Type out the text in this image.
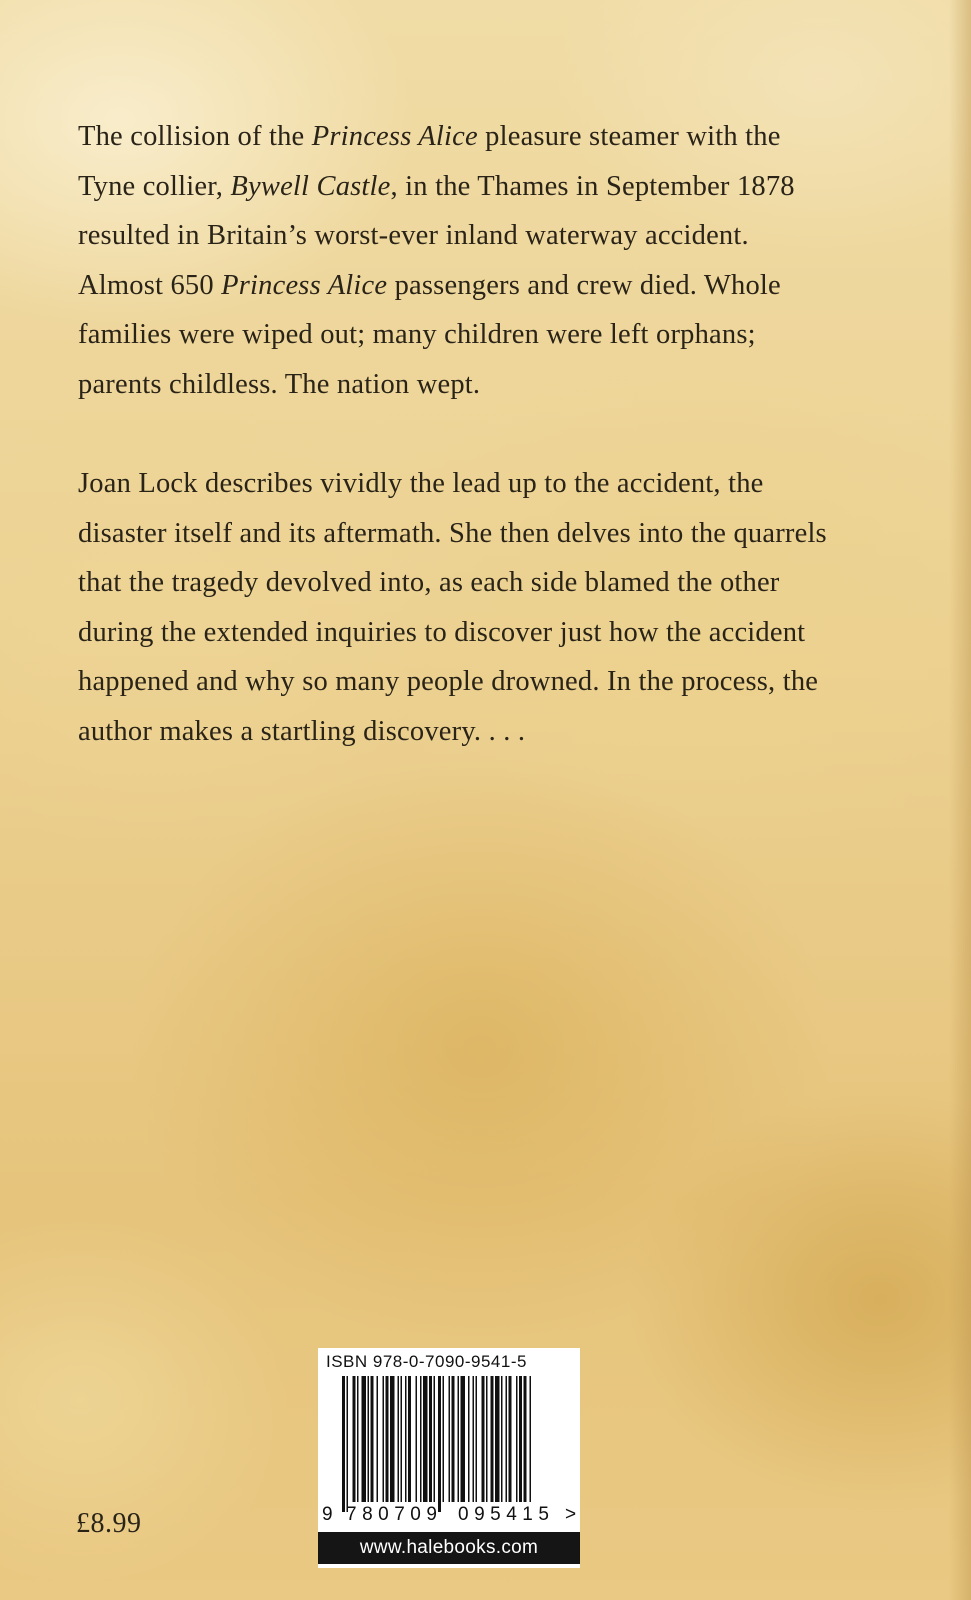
The collision of the Princess Alice pleasure steamer with the Tyne collier, Bywell Castle, in the Thames in September 1878 resulted in Britain’s worst-ever inland waterway accident. Almost 650 Princess Alice passengers and crew died. Whole families were wiped out; many children were left orphans; parents childless. The nation wept.

Joan Lock describes vividly the lead up to the accident, the disaster itself and its aftermath. She then delves into the quarrels that the tragedy devolved into, as each side blamed the other during the extended inquiries to discover just how the accident happened and why so many people drowned. In the process, the author makes a startling discovery. . . .

£8.99
ISBN 978-0-7090-9541-5
9 780709 095415 >
www.halebooks.com
